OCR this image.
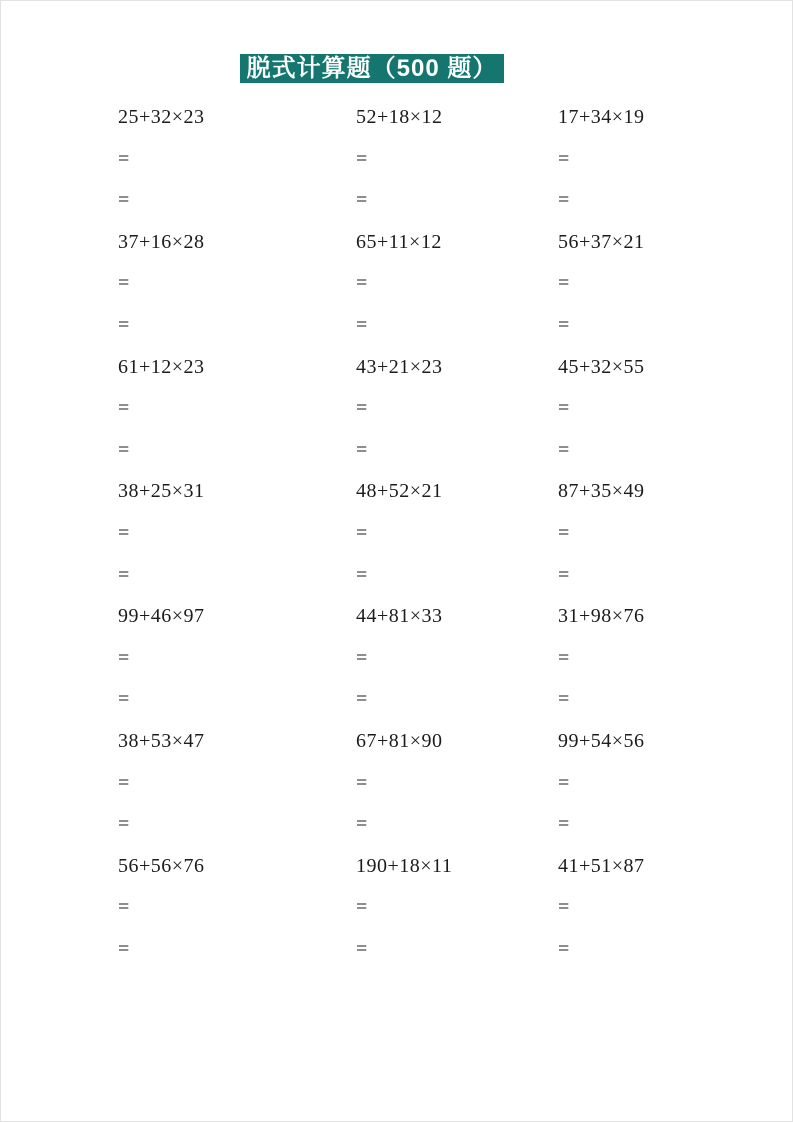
脱式计算题（500 题）
25+32×23
=
=
52+18×12
=
=
17+34×19
=
=
37+16×28
=
=
65+11×12
=
=
56+37×21
=
=
61+12×23
=
=
43+21×23
=
=
45+32×55
=
=
38+25×31
=
=
48+52×21
=
=
87+35×49
=
=
99+46×97
=
=
44+81×33
=
=
31+98×76
=
=
38+53×47
=
=
67+81×90
=
=
99+54×56
=
=
56+56×76
=
=
190+18×11
=
=
41+51×87
=
=
